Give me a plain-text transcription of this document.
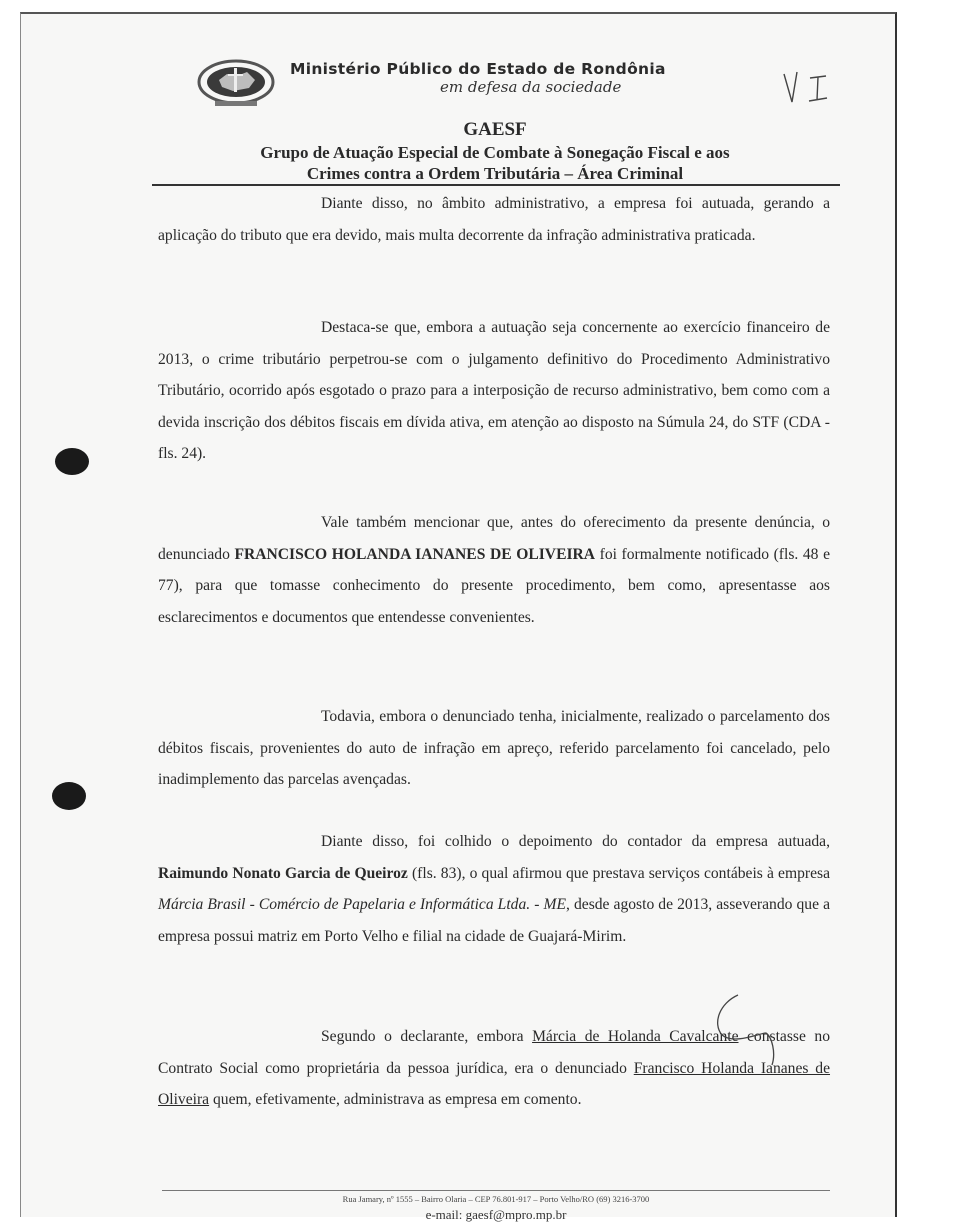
Ministério Público do Estado de Rondônia
em defesa da sociedade
GAESF
Grupo de Atuação Especial de Combate à Sonegação Fiscal e aos
Crimes contra a Ordem Tributária – Área Criminal

Diante disso, no âmbito administrativo, a empresa foi autuada, gerando a aplicação do tributo que era devido, mais multa decorrente da infração administrativa praticada.

Destaca-se que, embora a autuação seja concernente ao exercício financeiro de 2013, o crime tributário perpetrou-se com o julgamento definitivo do Procedimento Administrativo Tributário, ocorrido após esgotado o prazo para a interposição de recurso administrativo, bem como com a devida inscrição dos débitos fiscais em dívida ativa, em atenção ao disposto na Súmula 24, do STF (CDA - fls. 24).

Vale também mencionar que, antes do oferecimento da presente denúncia, o denunciado FRANCISCO HOLANDA IANANES DE OLIVEIRA foi formalmente notificado (fls. 48 e 77), para que tomasse conhecimento do presente procedimento, bem como, apresentasse aos esclarecimentos e documentos que entendesse convenientes.

Todavia, embora o denunciado tenha, inicialmente, realizado o parcelamento dos débitos fiscais, provenientes do auto de infração em apreço, referido parcelamento foi cancelado, pelo inadimplemento das parcelas avençadas.

Diante disso, foi colhido o depoimento do contador da empresa autuada, Raimundo Nonato Garcia de Queiroz (fls. 83), o qual afirmou que prestava serviços contábeis à empresa Márcia Brasil - Comércio de Papelaria e Informática Ltda. - ME, desde agosto de 2013, asseverando que a empresa possui matriz em Porto Velho e filial na cidade de Guajará-Mirim.

Segundo o declarante, embora Márcia de Holanda Cavalcante constasse no Contrato Social como proprietária da pessoa jurídica, era o denunciado Francisco Holanda Iananes de Oliveira quem, efetivamente, administrava as empresa em comento.

Rua Jamary, nº 1555 – Bairro Olaria – CEP 76.801-917 – Porto Velho/RO (69) 3216-3700
e-mail: gaesf@mpro.mp.br
